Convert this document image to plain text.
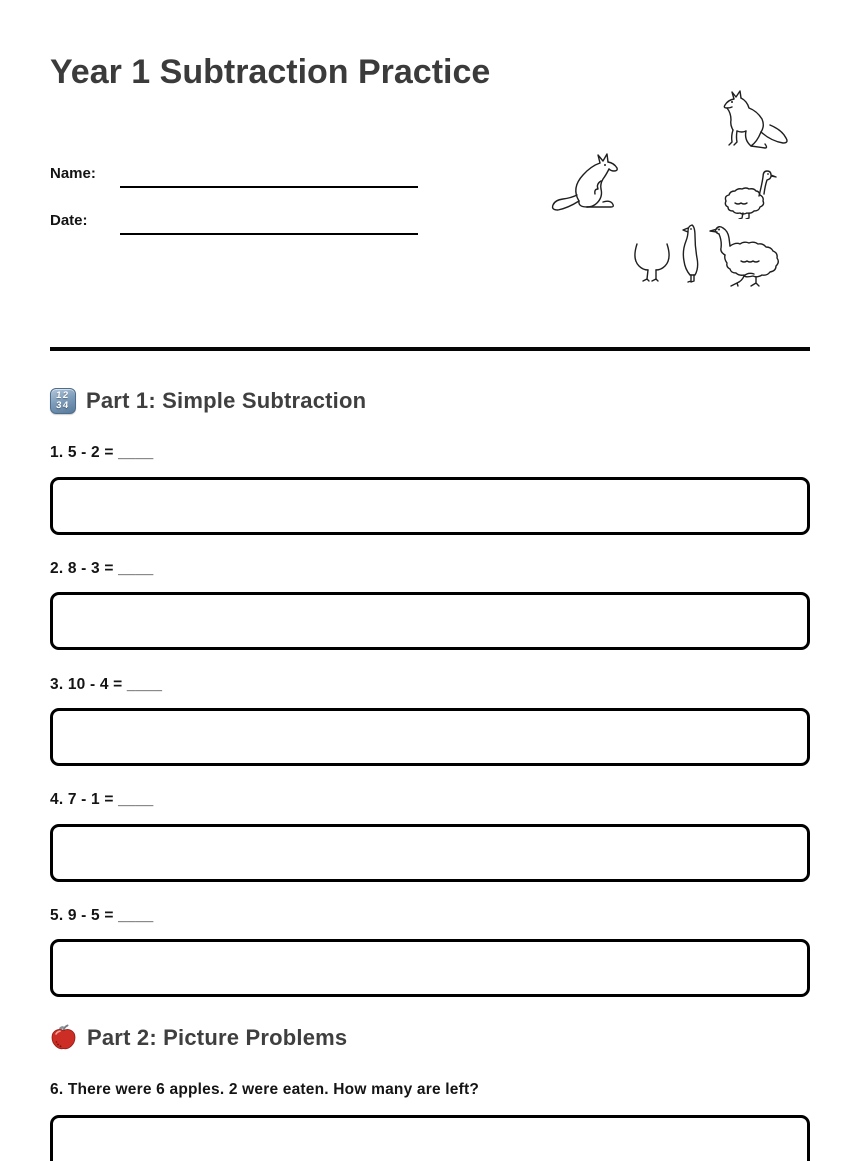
Year 1 Subtraction Practice
Name:
Date:
12
34 Part 1: Simple Subtraction
1. 5 - 2 = ____
2. 8 - 3 = ____
3. 10 - 4 = ____
4. 7 - 1 = ____
5. 9 - 5 = ____
Part 2: Picture Problems
6. There were 6 apples. 2 were eaten. How many are left?
